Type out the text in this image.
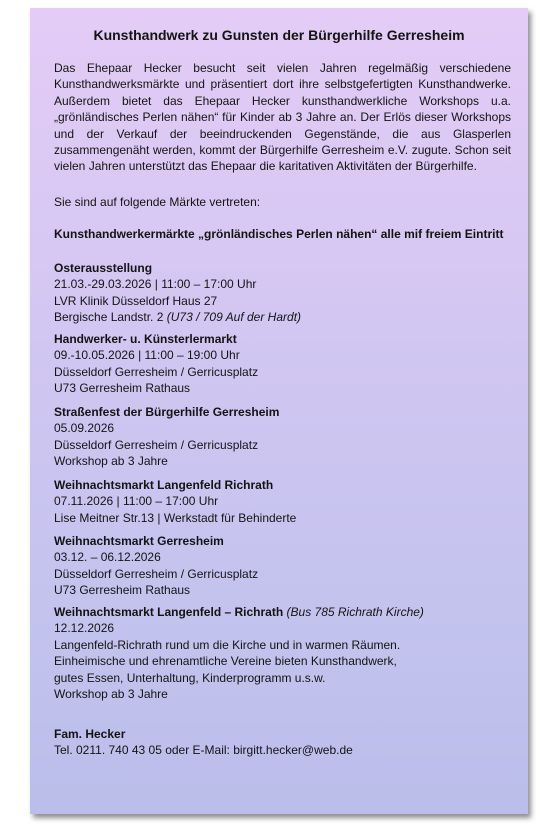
Kunsthandwerk zu Gunsten der Bürgerhilfe Gerresheim

Das Ehepaar Hecker besucht seit vielen Jahren regelmäßig verschiedene Kunsthandwerksmärkte und präsentiert dort ihre selbstgefertigten Kunsthandwerke. Außerdem bietet das Ehepaar Hecker kunsthandwerkliche Workshops u.a. „grönländisches Perlen nähen“ für Kinder ab 3 Jahre an. Der Erlös dieser Workshops und der Verkauf der beeindruckenden Gegenstände, die aus Glasperlen zusammengenäht werden, kommt der Bürgerhilfe Gerresheim e.V. zugute. Schon seit vielen Jahren unterstützt das Ehepaar die karitativen Aktivitäten der Bürgerhilfe.

Sie sind auf folgende Märkte vertreten:
Kunsthandwerkermärkte „grönländisches Perlen nähen“ alle mif freiem Eintritt
Osterausstellung
21.03.-29.03.2026 | 11:00 – 17:00 Uhr
LVR Klinik Düsseldorf Haus 27
Bergische Landstr. 2 (U73 / 709 Auf der Hardt)
Handwerker- u. Künsterlermarkt
09.-10.05.2026 | 11:00 – 19:00 Uhr
Düsseldorf Gerresheim / Gerricusplatz
U73 Gerresheim Rathaus
Straßenfest der Bürgerhilfe Gerresheim
05.09.2026
Düsseldorf Gerresheim / Gerricusplatz
Workshop ab 3 Jahre
Weihnachtsmarkt Langenfeld Richrath
07.11.2026 | 11:00 – 17:00 Uhr
Lise Meitner Str.13 | Werkstadt für Behinderte
Weihnachtsmarkt Gerresheim
03.12. – 06.12.2026
Düsseldorf Gerresheim / Gerricusplatz
U73 Gerresheim Rathaus
Weihnachtsmarkt Langenfeld – Richrath (Bus 785 Richrath Kirche)
12.12.2026
Langenfeld-Richrath rund um die Kirche und in warmen Räumen.
Einheimische und ehrenamtliche Vereine bieten Kunsthandwerk,
gutes Essen, Unterhaltung, Kinderprogramm u.s.w.
Workshop ab 3 Jahre
Fam. Hecker
Tel. 0211. 740 43 05 oder E-Mail: birgitt.hecker@web.de
